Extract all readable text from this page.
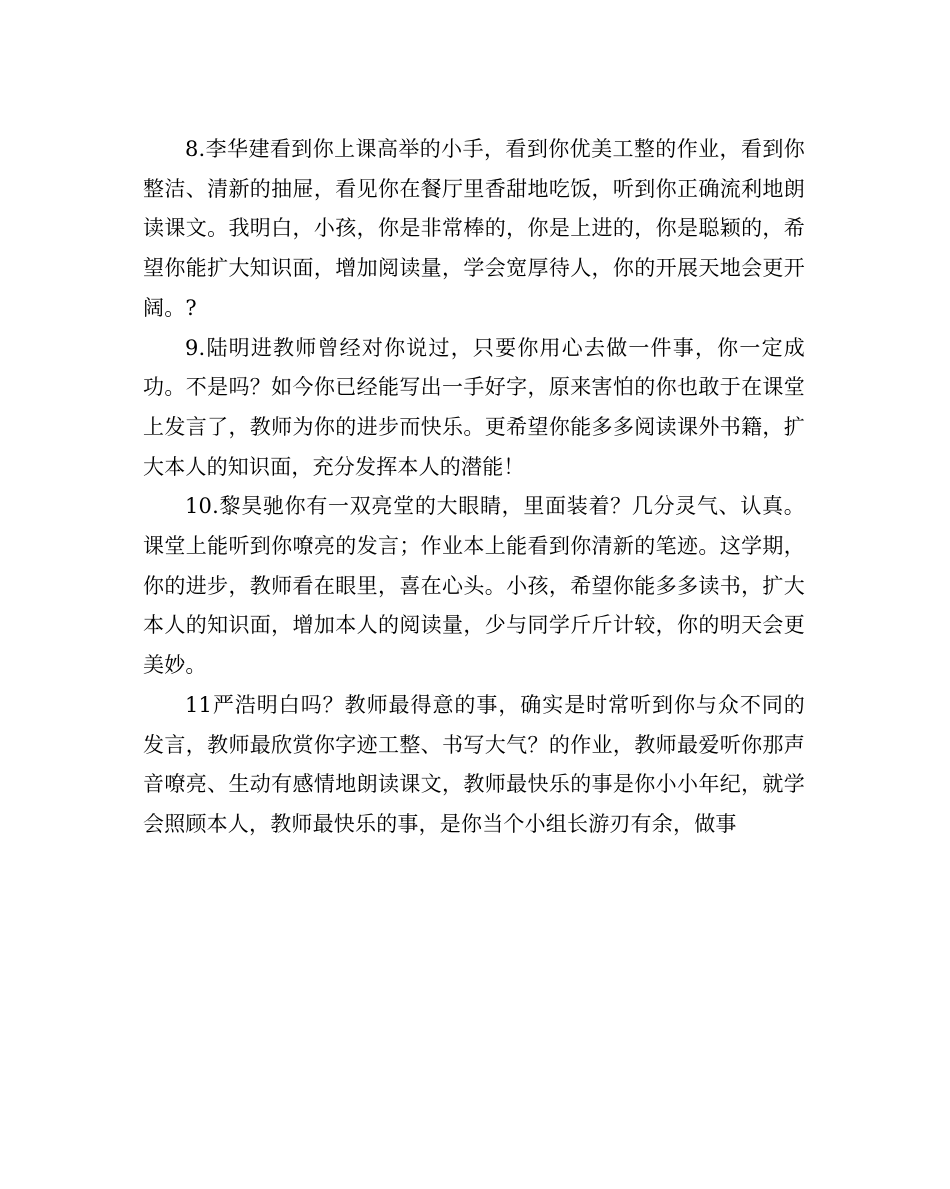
8.李华建看到你上课高举的小手，看到你优美工整的作业，看到你整洁、清新的抽屉，看见你在餐厅里香甜地吃饭，听到你正确流利地朗读课文。我明白，小孩，你是非常棒的，你是上进的，你是聪颖的，希望你能扩大知识面，增加阅读量，学会宽厚待人，你的开展天地会更开阔。?

9.陆明进教师曾经对你说过，只要你用心去做一件事，你一定成功。不是吗？如今你已经能写出一手好字，原来害怕的你也敢于在课堂上发言了，教师为你的进步而快乐。更希望你能多多阅读课外书籍，扩大本人的知识面，充分发挥本人的潜能！

10.黎昊驰你有一双亮堂的大眼睛，里面装着？几分灵气、认真。课堂上能听到你嘹亮的发言；作业本上能看到你清新的笔迹。这学期，你的进步，教师看在眼里，喜在心头。小孩，希望你能多多读书，扩大本人的知识面，增加本人的阅读量，少与同学斤斤计较，你的明天会更美妙。

11严浩明白吗？教师最得意的事，确实是时常听到你与众不同的发言，教师最欣赏你字迹工整、书写大气？的作业，教师最爱听你那声音嘹亮、生动有感情地朗读课文，教师最快乐的事是你小小年纪，就学会照顾本人，教师最快乐的事，是你当个小组长游刃有余，做事
